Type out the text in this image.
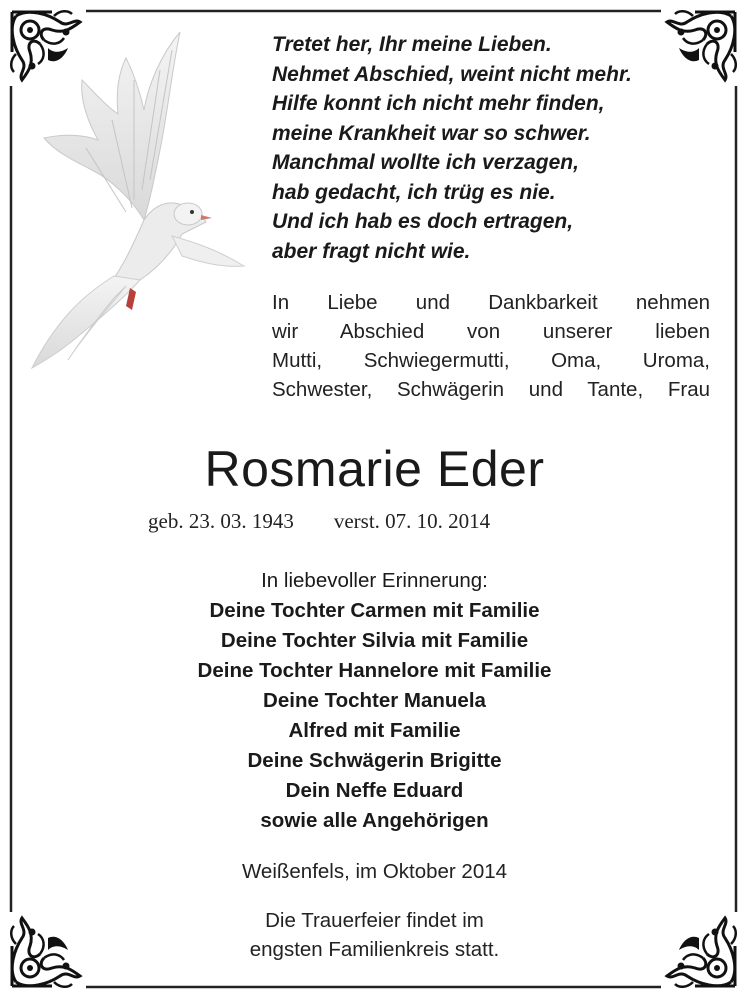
Tretet her, Ihr meine Lieben.
Nehmet Abschied, weint nicht mehr.
Hilfe konnt ich nicht mehr finden,
meine Krankheit war so schwer.
Manchmal wollte ich verzagen,
hab gedacht, ich trüg es nie.
Und ich hab es doch ertragen,
aber fragt nicht wie.
In Liebe und Dankbarkeit nehmen
wir Abschied von unserer lieben
Mutti, Schwiegermutti, Oma, Uroma,
Schwester, Schwägerin und Tante, Frau
Rosmarie Eder
geb. 23. 03. 1943 verst. 07. 10. 2014
In liebevoller Erinnerung:
Deine Tochter Carmen mit Familie
Deine Tochter Silvia mit Familie
Deine Tochter Hannelore mit Familie
Deine Tochter Manuela
Alfred mit Familie
Deine Schwägerin Brigitte
Dein Neffe Eduard
sowie alle Angehörigen
Weißenfels, im Oktober 2014
Die Trauerfeier findet im
engsten Familienkreis statt.
